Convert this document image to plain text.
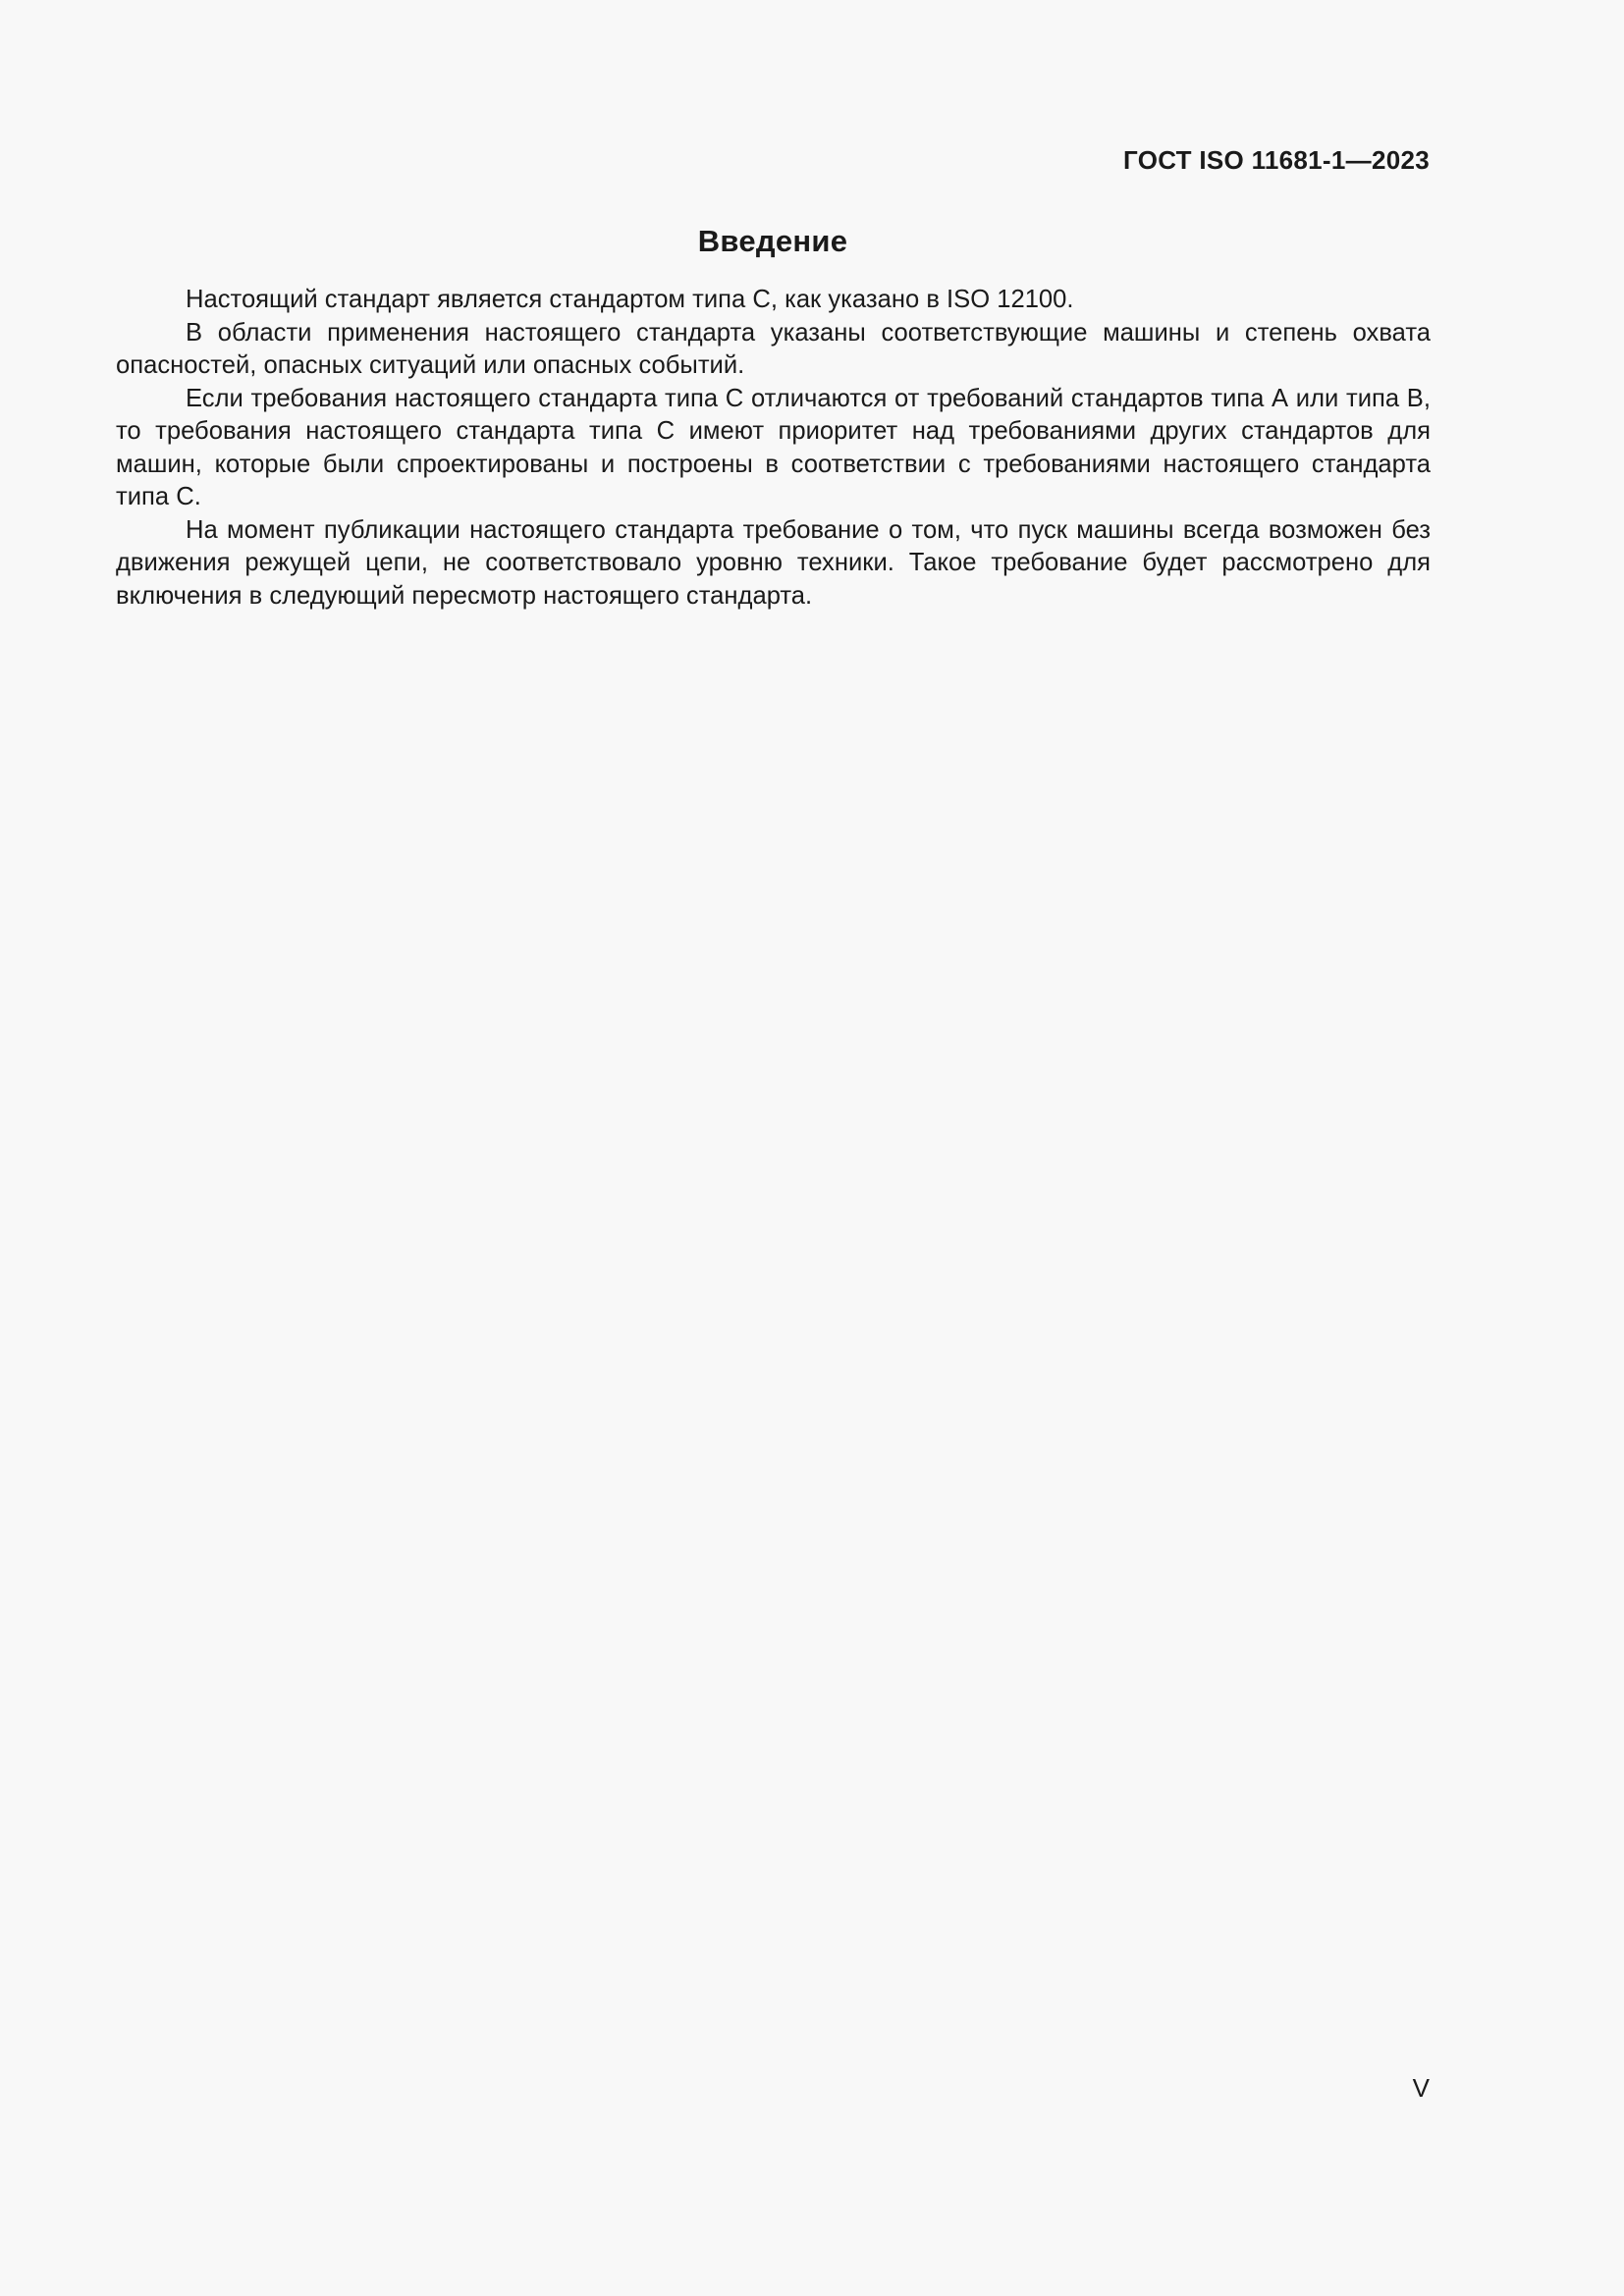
ГОСТ ISO 11681-1—2023
Введение

Настоящий стандарт является стандартом типа С, как указано в ISO 12100.

В области применения настоящего стандарта указаны соответствующие машины и степень охвата опасностей, опасных ситуаций или опасных событий.

Если требования настоящего стандарта типа С отличаются от требований стандартов типа А или типа В, то требования настоящего стандарта типа С имеют приоритет над требованиями других стандартов для машин, которые были спроектированы и построены в соответствии с требованиями настоящего стандарта типа С.

На момент публикации настоящего стандарта требование о том, что пуск машины всегда возможен без движения режущей цепи, не соответствовало уровню техники. Такое требование будет рассмотрено для включения в следующий пересмотр настоящего стандарта.

V
